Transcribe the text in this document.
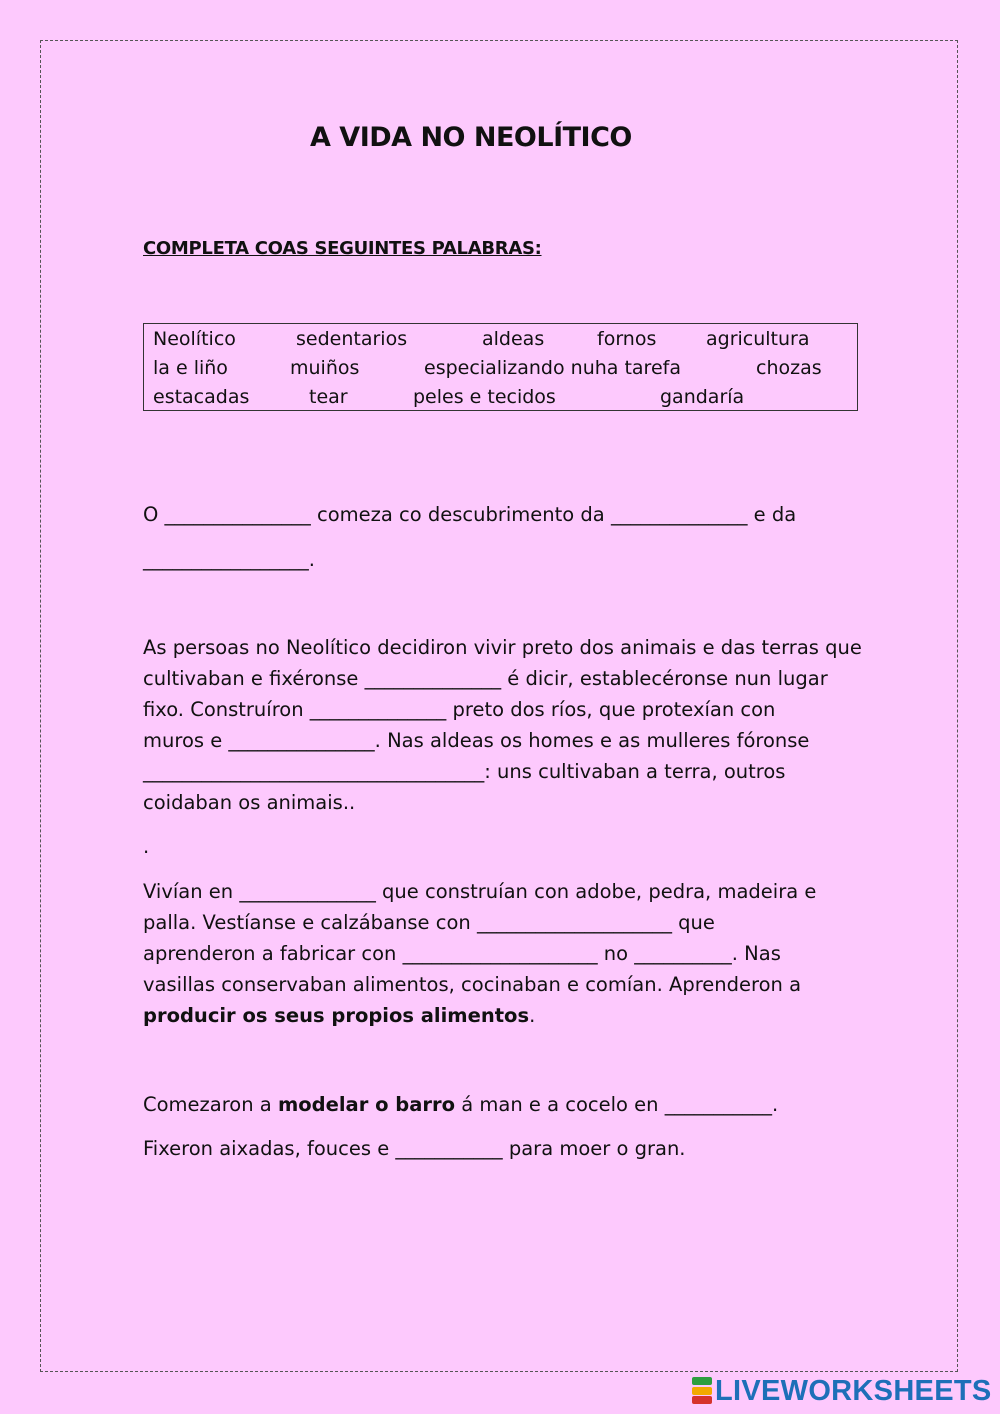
A VIDA NO NEOLÍTICO
COMPLETA COAS SEGUINTES PALABRAS:
Neolítico	sedentarios	aldeas	fornos	agricultura
la e liño	muiños	especializando nuha tarefa	chozas
estacadas	tear	peles e tecidos	gandaría
O _______________ comeza co descubrimento da ______________ e da
_________________.
As persoas no Neolítico decidiron vivir preto dos animais e das terras que
cultivaban e fixéronse ______________ é dicir, establecéronse nun lugar
fixo. Construíron ______________ preto dos ríos, que protexían con
muros e _______________. Nas aldeas os homes e as mulleres fóronse
___________________________________: uns cultivaban a terra, outros
coidaban os animais..
.
Vivían en ______________ que construían con adobe, pedra, madeira e
palla. Vestíanse e calzábanse con ____________________ que
aprenderon a fabricar con ____________________ no __________. Nas
vasillas conservaban alimentos, cocinaban e comían. Aprenderon a
producir os seus propios alimentos.
Comezaron a modelar o barro á man e a cocelo en ___________.
Fixeron aixadas, fouces e ___________ para moer o gran.
LIVEWORKSHEETS
